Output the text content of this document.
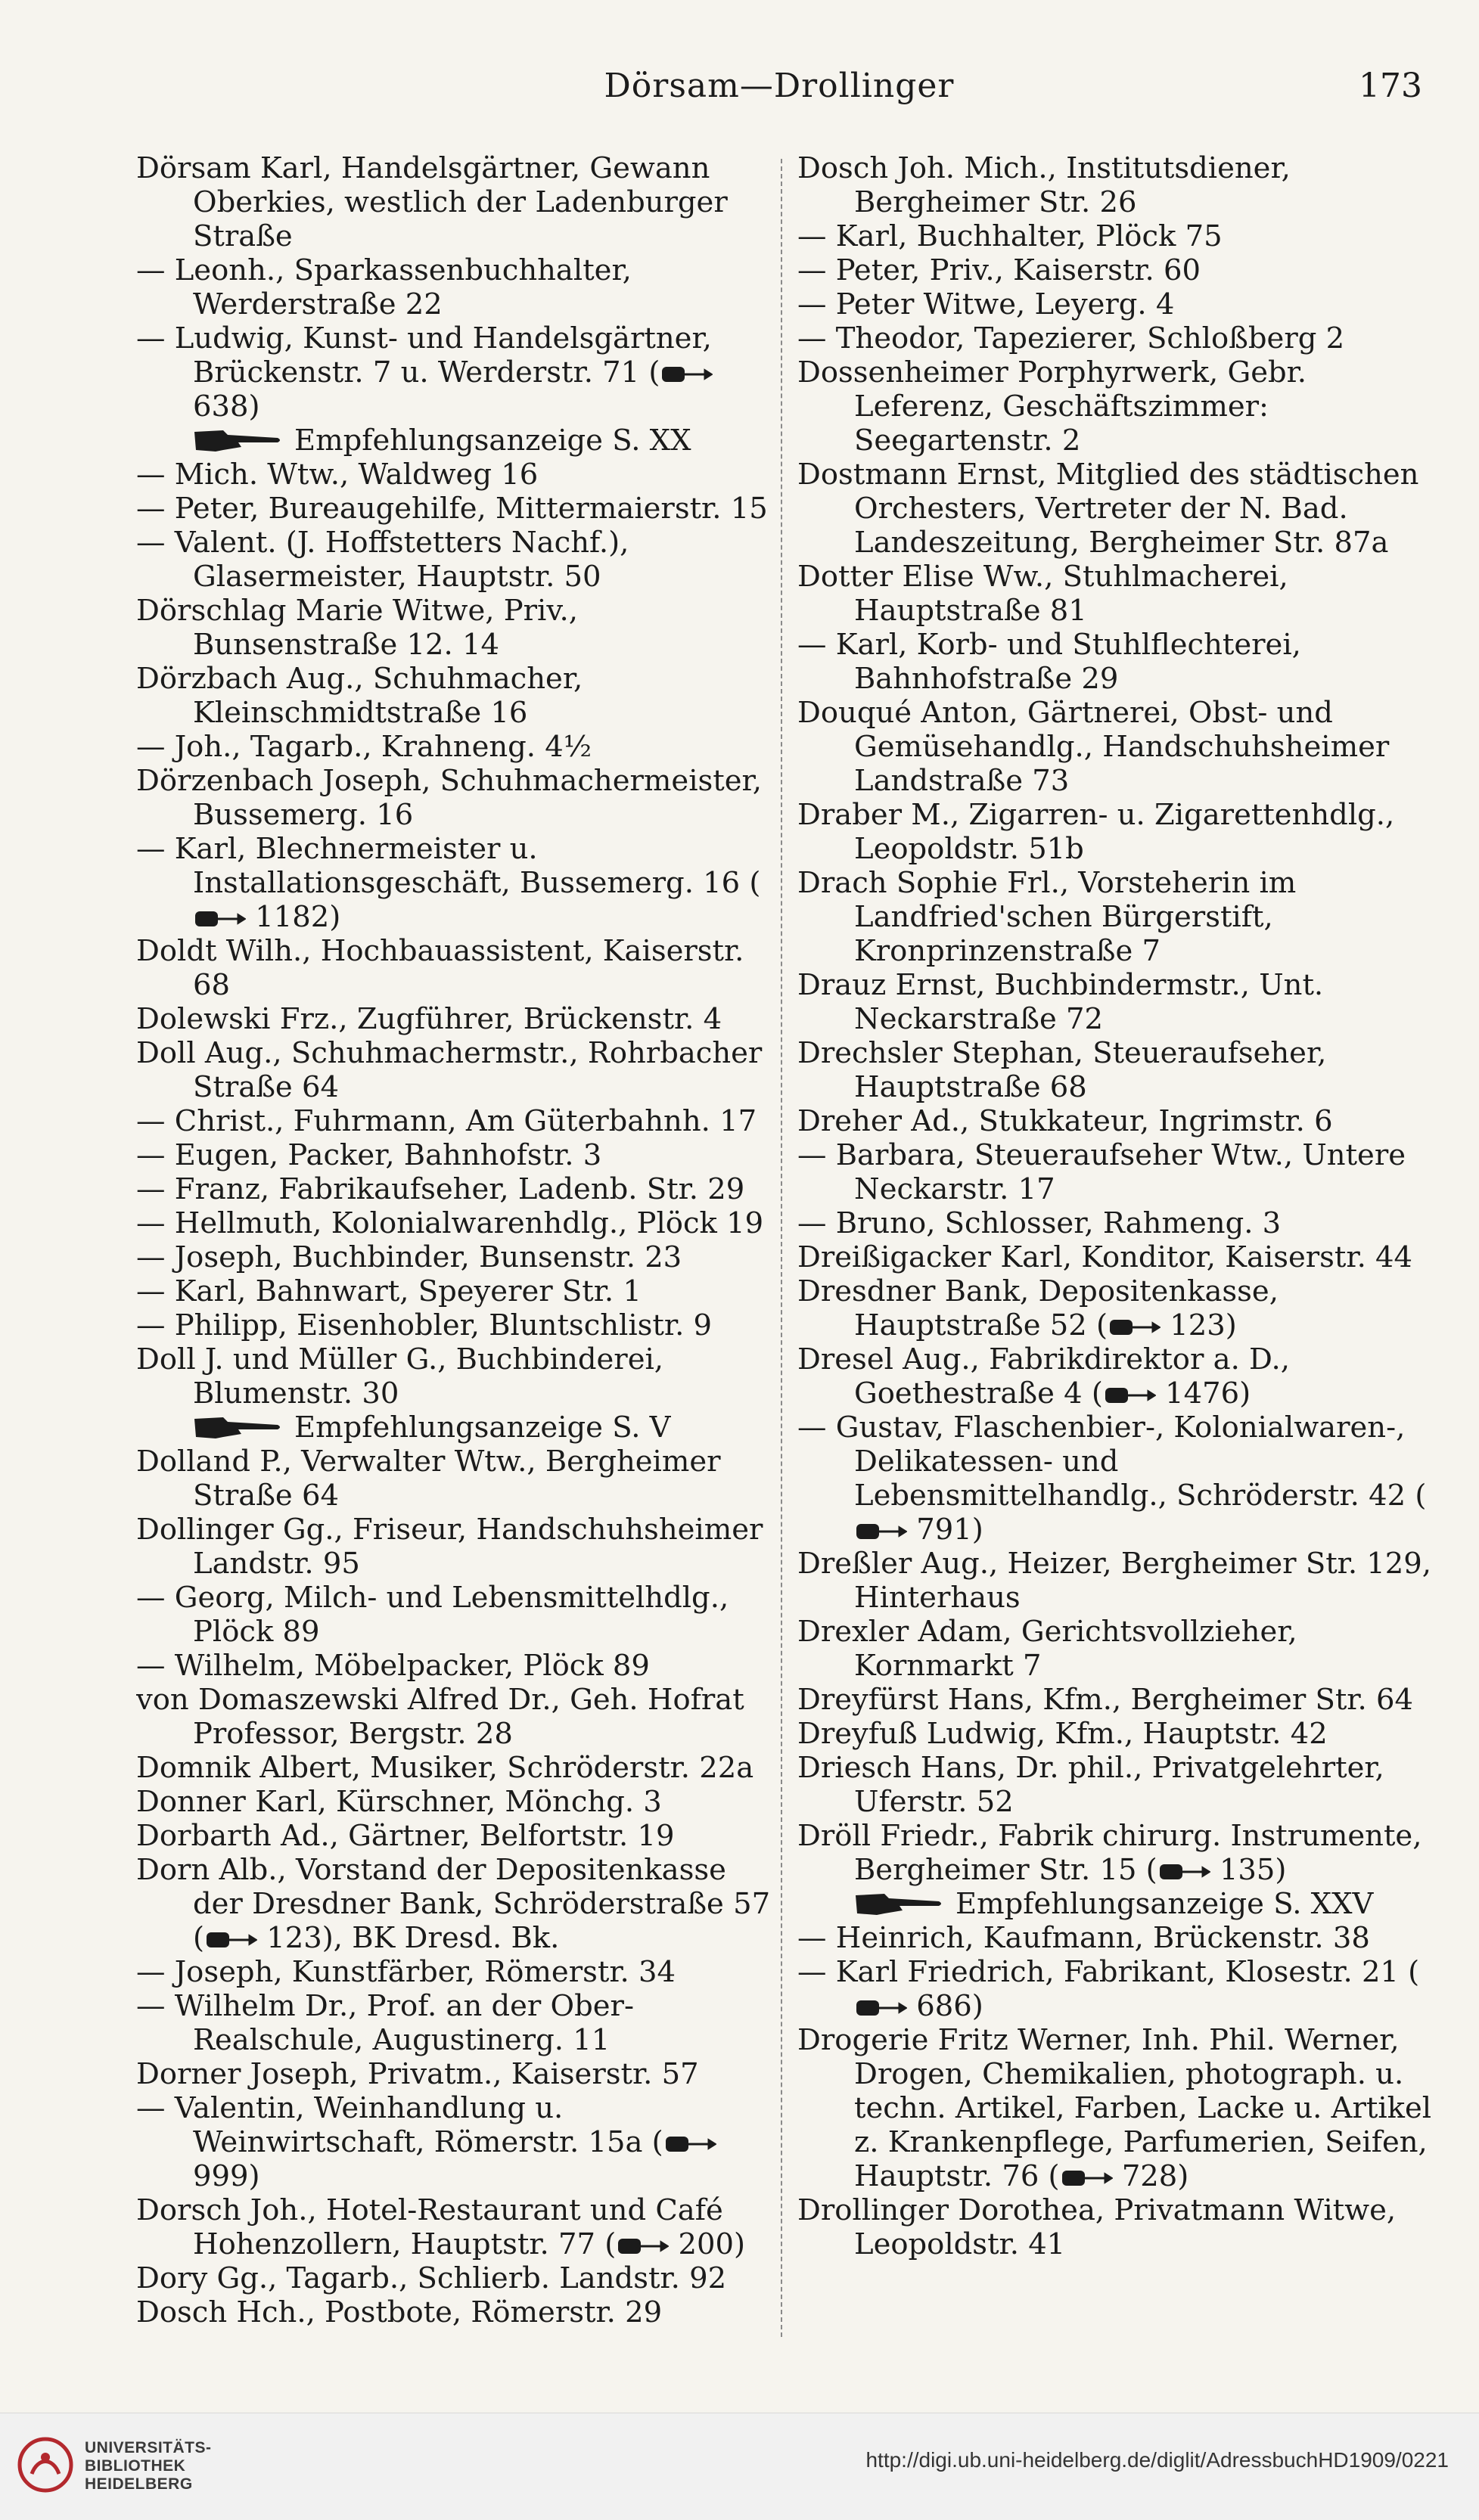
Dörsam—Drollinger	173

Dörsam Karl, Handelsgärtner, Gewann Oberkies, westlich der Ladenburger Straße

— Leonh., Sparkassenbuchhalter, Werderstraße 22

— Ludwig, Kunst- und Handelsgärtner, Brückenstr. 7 u. Werderstr. 71 ( 638)

Empfehlungsanzeige S. XX

— Mich. Wtw., Waldweg 16

— Peter, Bureaugehilfe, Mittermaierstr. 15

— Valent. (J. Hoffstetters Nachf.), Glasermeister, Hauptstr. 50

Dörschlag Marie Witwe, Priv., Bunsenstraße 12. 14

Dörzbach Aug., Schuhmacher, Kleinschmidtstraße 16

— Joh., Tagarb., Krahneng. 4½

Dörzenbach Joseph, Schuhmachermeister, Bussemerg. 16

— Karl, Blechnermeister u. Installationsgeschäft, Bussemerg. 16 ( 1182)

Doldt Wilh., Hochbauassistent, Kaiserstr. 68

Dolewski Frz., Zugführer, Brückenstr. 4

Doll Aug., Schuhmachermstr., Rohrbacher Straße 64

— Christ., Fuhrmann, Am Güterbahnh. 17

— Eugen, Packer, Bahnhofstr. 3

— Franz, Fabrikaufseher, Ladenb. Str. 29

— Hellmuth, Kolonialwarenhdlg., Plöck 19

— Joseph, Buchbinder, Bunsenstr. 23

— Karl, Bahnwart, Speyerer Str. 1

— Philipp, Eisenhobler, Bluntschlistr. 9

Doll J. und Müller G., Buchbinderei, Blumenstr. 30

Empfehlungsanzeige S. V

Dolland P., Verwalter Wtw., Bergheimer Straße 64

Dollinger Gg., Friseur, Handschuhsheimer Landstr. 95

— Georg, Milch- und Lebensmittelhdlg., Plöck 89

— Wilhelm, Möbelpacker, Plöck 89

von Domaszewski Alfred Dr., Geh. Hofrat Professor, Bergstr. 28

Domnik Albert, Musiker, Schröderstr. 22a

Donner Karl, Kürschner, Mönchg. 3

Dorbarth Ad., Gärtner, Belfortstr. 19

Dorn Alb., Vorstand der Depositenkasse der Dresdner Bank, Schröderstraße 57 ( 123), BK Dresd. Bk.

— Joseph, Kunstfärber, Römerstr. 34

— Wilhelm Dr., Prof. an der Ober-Realschule, Augustinerg. 11

Dorner Joseph, Privatm., Kaiserstr. 57

— Valentin, Weinhandlung u. Weinwirtschaft, Römerstr. 15a ( 999)

Dorsch Joh., Hotel-Restaurant und Café Hohenzollern, Hauptstr. 77 ( 200)

Dory Gg., Tagarb., Schlierb. Landstr. 92

Dosch Hch., Postbote, Römerstr. 29

Dosch Joh. Mich., Institutsdiener, Bergheimer Str. 26

— Karl, Buchhalter, Plöck 75

— Peter, Priv., Kaiserstr. 60

— Peter Witwe, Leyerg. 4

— Theodor, Tapezierer, Schloßberg 2

Dossenheimer Porphyrwerk, Gebr. Leferenz, Geschäftszimmer: Seegartenstr. 2

Dostmann Ernst, Mitglied des städtischen Orchesters, Vertreter der N. Bad. Landeszeitung, Bergheimer Str. 87a

Dotter Elise Ww., Stuhlmacherei, Hauptstraße 81

— Karl, Korb- und Stuhlflechterei, Bahnhofstraße 29

Douqué Anton, Gärtnerei, Obst- und Gemüsehandlg., Handschuhsheimer Landstraße 73

Draber M., Zigarren- u. Zigarettenhdlg., Leopoldstr. 51b

Drach Sophie Frl., Vorsteherin im Landfried'schen Bürgerstift, Kronprinzenstraße 7

Drauz Ernst, Buchbindermstr., Unt. Neckarstraße 72

Drechsler Stephan, Steueraufseher, Hauptstraße 68

Dreher Ad., Stukkateur, Ingrimstr. 6

— Barbara, Steueraufseher Wtw., Untere Neckarstr. 17

— Bruno, Schlosser, Rahmeng. 3

Dreißigacker Karl, Konditor, Kaiserstr. 44

Dresdner Bank, Depositenkasse, Hauptstraße 52 ( 123)

Dresel Aug., Fabrikdirektor a. D., Goethestraße 4 ( 1476)

— Gustav, Flaschenbier-, Kolonialwaren-, Delikatessen- und Lebensmittelhandlg., Schröderstr. 42 ( 791)

Dreßler Aug., Heizer, Bergheimer Str. 129, Hinterhaus

Drexler Adam, Gerichtsvollzieher, Kornmarkt 7

Dreyfürst Hans, Kfm., Bergheimer Str. 64

Dreyfuß Ludwig, Kfm., Hauptstr. 42

Driesch Hans, Dr. phil., Privatgelehrter, Uferstr. 52

Dröll Friedr., Fabrik chirurg. Instrumente, Bergheimer Str. 15 ( 135)

Empfehlungsanzeige S. XXV

— Heinrich, Kaufmann, Brückenstr. 38

— Karl Friedrich, Fabrikant, Klosestr. 21 ( 686)

Drogerie Fritz Werner, Inh. Phil. Werner, Drogen, Chemikalien, photograph. u. techn. Artikel, Farben, Lacke u. Artikel z. Krankenpflege, Parfumerien, Seifen, Hauptstr. 76 ( 728)

Drollinger Dorothea, Privatmann Witwe, Leopoldstr. 41

UNIVERSITÄTS-
BIBLIOTHEK
HEIDELBERG
http://digi.ub.uni-heidelberg.de/diglit/AdressbuchHD1909/0221
